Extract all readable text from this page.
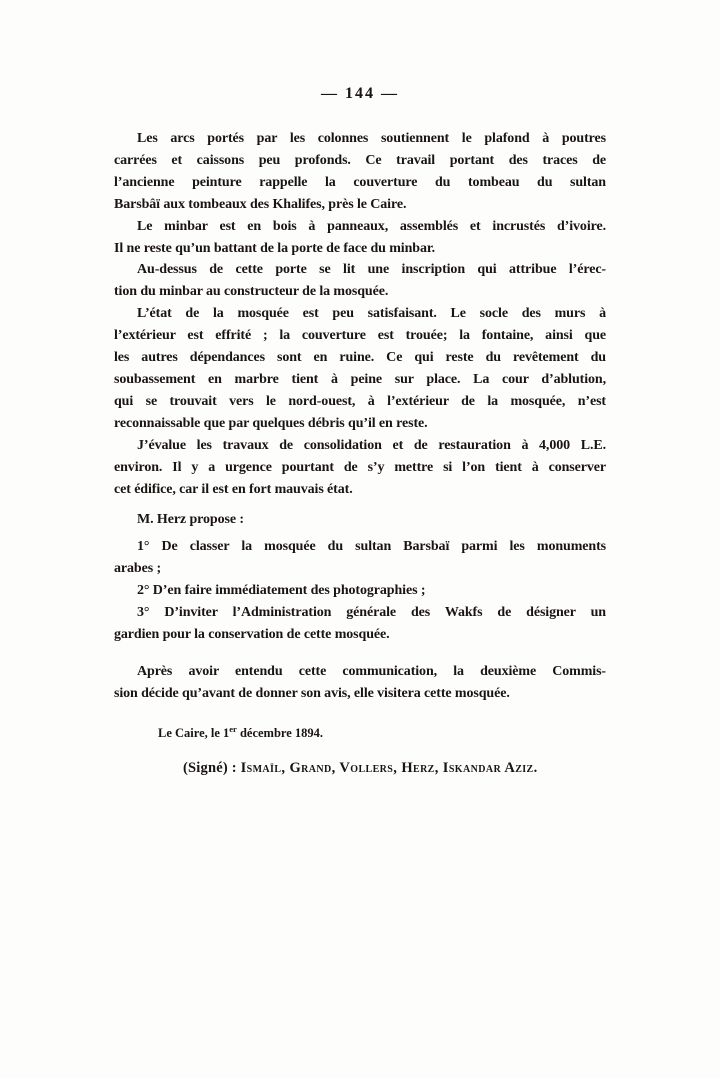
— 144 —
Les arcs portés par les colonnes soutiennent le plafond à poutres
carrées et caissons peu profonds. Ce travail portant des traces de
l’ancienne peinture rappelle la couverture du tombeau du sultan
Barsbâï aux tombeaux des Khalifes, près le Caire.
Le minbar est en bois à panneaux, assemblés et incrustés d’ivoire.
Il ne reste qu’un battant de la porte de face du minbar.
Au-dessus de cette porte se lit une inscription qui attribue l’érec-
tion du minbar au constructeur de la mosquée.
L’état de la mosquée est peu satisfaisant. Le socle des murs à
l’extérieur est effrité ; la couverture est trouée; la fontaine, ainsi que
les autres dépendances sont en ruine. Ce qui reste du revêtement du
soubassement en marbre tient à peine sur place. La cour d’ablution,
qui se trouvait vers le nord-ouest, à l’extérieur de la mosquée, n’est
reconnaissable que par quelques débris qu’il en reste.
J’évalue les travaux de consolidation et de restauration à 4,000 L.E.
environ. Il y a urgence pourtant de s’y mettre si l’on tient à conserver
cet édifice, car il est en fort mauvais état.
M. Herz propose :
1° De classer la mosquée du sultan Barsbaï parmi les monuments
arabes ;
2° D’en faire immédiatement des photographies ;
3° D’inviter l’Administration générale des Wakfs de désigner un
gardien pour la conservation de cette mosquée.
Après avoir entendu cette communication, la deuxième Commis-
sion décide qu’avant de donner son avis, elle visitera cette mosquée.
Le Caire, le 1er décembre 1894.
(Signé) : Ismaïl, Grand, Vollers, Herz, Iskandar Aziz.
